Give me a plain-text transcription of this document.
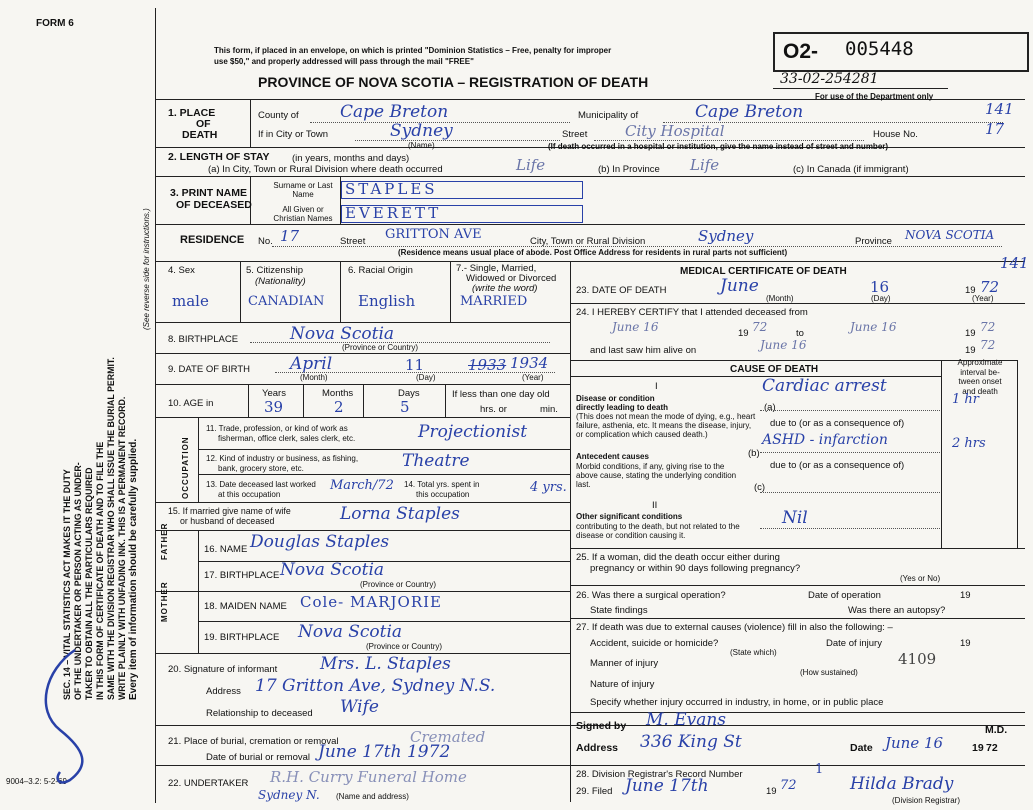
FORM 6
This form, if placed in an envelope, on which is printed "Dominion Statistics – Free, penalty for improper
use $50," and properly addressed will pass through the mail "FREE"
PROVINCE OF NOVA SCOTIA – REGISTRATION OF DEATH
O2- 005448
33-02-254281
For use of the Department only
SEC. 14 – VITAL STATISTICS ACT MAKES IT THE DUTY OF THE UNDERTAKER OR PERSON ACTING AS UNDER- TAKER TO OBTAIN ALL THE PARTICULARS REQUIRED IN THIS FORM OF CERTIFICATE OF DEATH AND TO FILE THE SAME WITH THE DIVISION REGISTRAR WHO SHALL ISSUE THE BURIAL PERMIT. WRITE PLAINLY WITH UNFADING INK. THIS IS A PERMANENT RECORD. Every item of information should be carefully supplied.
(See reverse side for instructions.)
9004–3.2: 5-2-69
1. PLACE
OF
DEATH
County of Cape Breton	Municipality of	Cape Breton	141
If in City or Town	Sydney
(Name)
Street	City Hospital	House No.	17
(If death occurred in a hospital or institution, give the name instead of street and number)
2. LENGTH OF STAY (in years, months and days)
(a) In City, Town or Rural Division where death occurred	Life	(b) In Province Life	(c) In Canada (if immigrant)
3. PRINT NAME
OF DECEASED
Surname or Last Name
All Given or Christian Names
STAPLES
EVERETT
RESIDENCE No. 17	Street GRITTON AVE	City, Town or Rural Division	Sydney	Province NOVA SCOTIA
(Residence means usual place of abode. Post Office Address for residents in rural parts not sufficient)
141
4. Sex
male
5. Citizenship
(Nationality)
CANADIAN
6. Racial Origin
English
7.- Single, Married,
Widowed or Divorced
(write the word)
MARRIED
8. BIRTHPLACE	Nova Scotia
(Province or Country)
9. DATE OF BIRTH April	11	1933 1934
(Month)	(Day)	(Year)
10. AGE in
Years	Months	Days
39	2	5
If less than one day old
hrs. or	min.
OCCUPATION
11. Trade, profession, or kind of work as
fisherman, office clerk, sales clerk, etc.	Projectionist
12. Kind of industry or business, as fishing,
bank, grocery store, etc.	Theatre
13. Date deceased last worked
at this occupation
March/72 14. Total yrs. spent in
this occupation	4 yrs.
15. If married give name of wife
or husband of deceased	Lorna Staples
FATHER	16. NAME Douglas Staples
17. BIRTHPLACE Nova Scotia
(Province or Country)
MOTHER	18. MAIDEN NAME Cole- MARJORIE
19. BIRTHPLACE Nova Scotia
(Province or Country)
20. Signature of informant	Mrs. L. Staples
Address 17 Gritton Ave, Sydney N.S.
Relationship to deceased Wife
21. Place of burial, cremation or removal	Cremated
Date of burial or removal June 17th 1972
22. UNDERTAKER R.H. Curry Funeral Home
Sydney N. (Name and address)
MEDICAL CERTIFICATE OF DEATH
23. DATE OF DEATH	June	16	19 72
(Month)	(Day)	(Year)
24. I HEREBY CERTIFY that I attended deceased from
June 16	19 72	to	June 16	19 72
and last saw him alive on	June 16	19 72
CAUSE OF DEATH
Approximate
interval be-
tween onset
and death
I
Disease or condition directly leading to death
(This does not mean the mode of dying, e.g., heart failure, asthenia, etc. It means the disease, injury, or complication which caused death.)
(a)
Cardiac arrest
1 hr
due to (or as a consequence of)
ASHD - infarction	2 hrs
(b)
Antecedent causes
Morbid conditions, if any, giving rise to the above cause, stating the underlying condition last.
due to (or as a consequence of)
(c)
II
Other significant conditions
contributing to the death, but not related to the disease or condition causing it.
Nil
25. If a woman, did the death occur either during
pregnancy or within 90 days following pregnancy?
(Yes or No)
26. Was there a surgical operation?	Date of operation	19
State findings	Was there an autopsy?
27. If death was due to external causes (violence) fill in also the following: –
Accident, suicide or homicide?	Date of injury	19
(State which)
Manner of injury	4109
(How sustained)
Nature of injury
Specify whether injury occurred in industry, in home, or in public place
Signed by M. Evans	M.D.
Address 336 King St	Date June 16	19 72
28. Division Registrar's Record Number	1
29. Filed June 17th	19 72	Hilda Brady
(Division Registrar)
